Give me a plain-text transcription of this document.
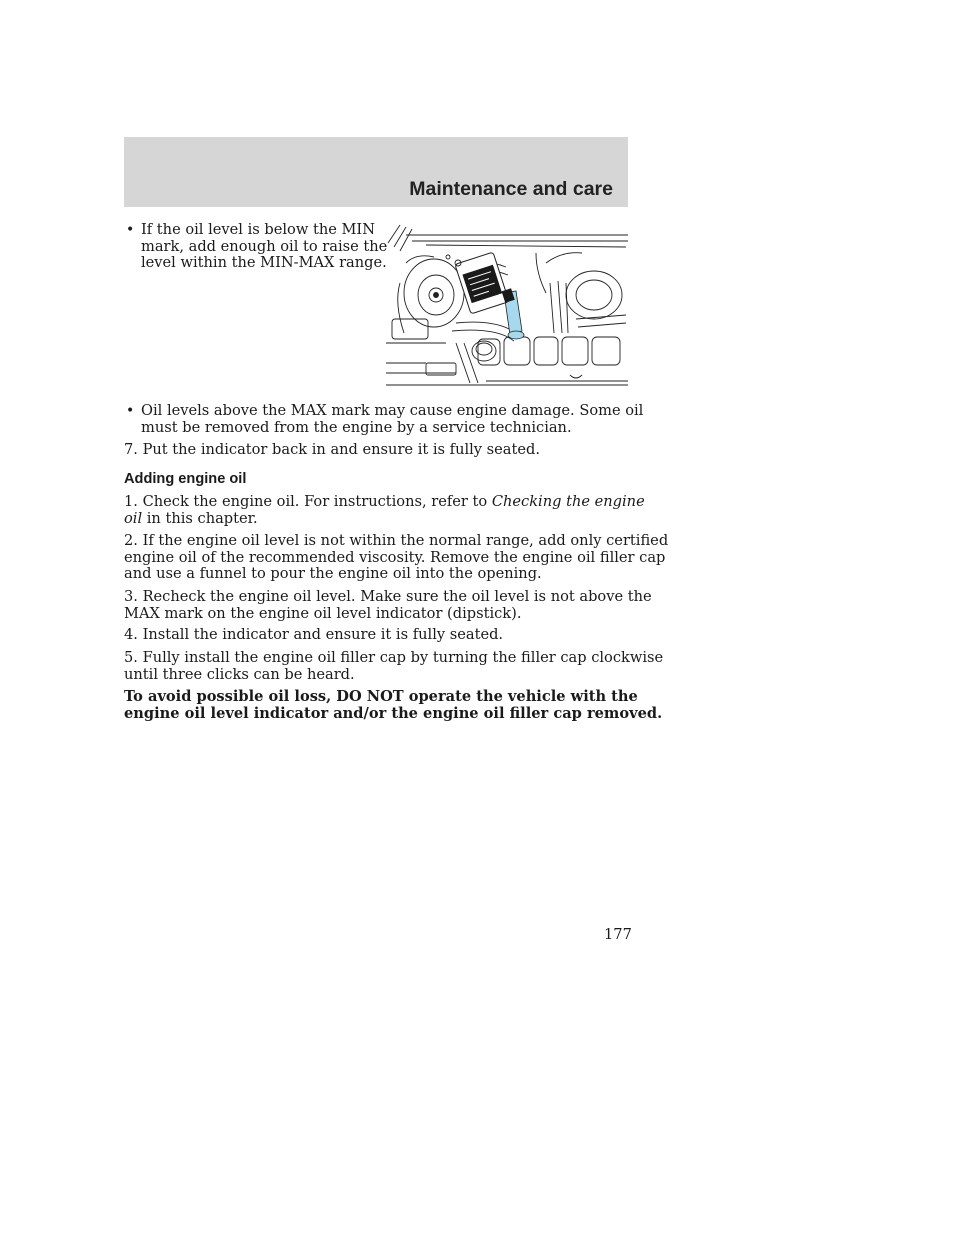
Maintenance and care
• If the oil level is below the MIN
mark, add enough oil to raise the
level within the MIN-MAX range.
• Oil levels above the MAX mark may cause engine damage. Some oil
must be removed from the engine by a service technician.
7. Put the indicator back in and ensure it is fully seated.
Adding engine oil
1. Check the engine oil. For instructions, refer to Checking the engine
oil in this chapter.
2. If the engine oil level is not within the normal range, add only certified
engine oil of the recommended viscosity. Remove the engine oil filler cap
and use a funnel to pour the engine oil into the opening.
3. Recheck the engine oil level. Make sure the oil level is not above the
MAX mark on the engine oil level indicator (dipstick).
4. Install the indicator and ensure it is fully seated.
5. Fully install the engine oil filler cap by turning the filler cap clockwise
until three clicks can be heard.
To avoid possible oil loss, DO NOT operate the vehicle with the
engine oil level indicator and/or the engine oil filler cap removed.
177
